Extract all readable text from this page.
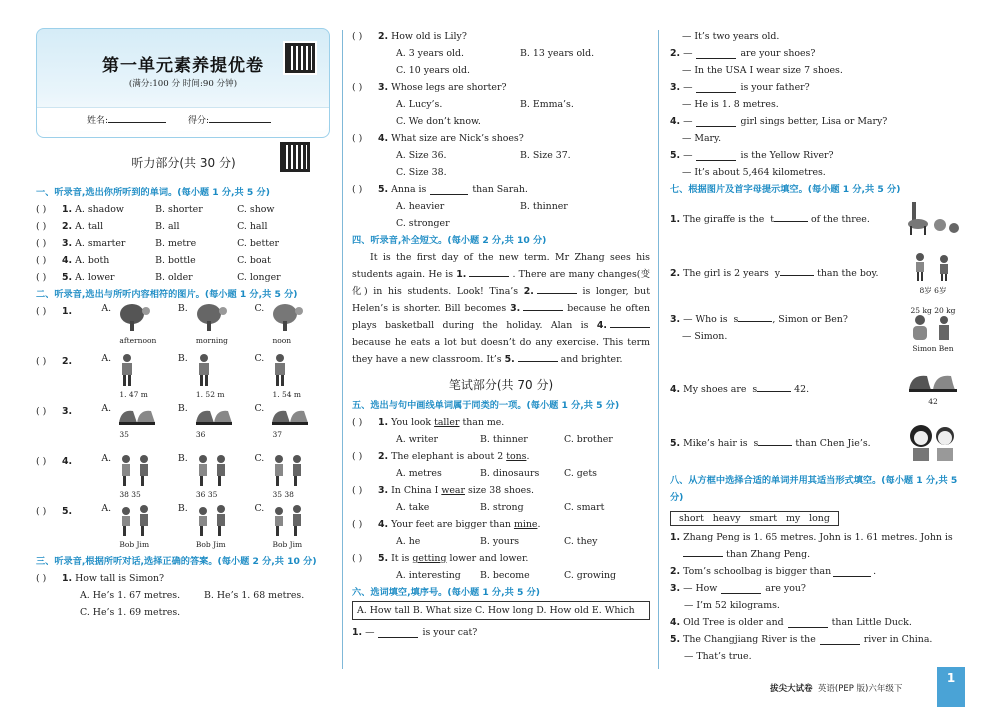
第一单元素养提优卷
(满分:100 分 时间:90 分钟)
姓名:	得分:
听力部分(共 30 分)
一、听录音,选出你所听到的单词。(每小题 1 分,共 5 分)
( )	1. A. shadow	B. shorter	C. show
( )	2. A. tall	B. all	C. hall
( )	3. A. smarter	B. metre	C. better
( )	4. A. both	B. bottle	C. boat
( )	5. A. lower	B. older	C. longer
二、听录音,选出与所听内容相符的图片。(每小题 1 分,共 5 分)
( )	1.	A.
afternoon
B.
morning
C.
noon
( )	2.	A.
1. 47 m
B.
1. 52 m
C.
1. 54 m
( )	3.	A.
35
B.
36
C.
37
( )	4.	A.
38 35
B.
36 35
C.
35 38
( )	5.	A.
Bob Jim
B.
Bob Jim
C.
Bob Jim
三、听录音,根据所听对话,选择正确的答案。(每小题 2 分,共 10 分)
( )	1. How tall is Simon?
A. He’s 1. 67 metres.	B. He’s 1. 68 metres.
C. He’s 1. 69 metres.
( )	2. How old is Lily?
A. 3 years old.	B. 13 years old.
C. 10 years old.
( )	3. Whose legs are shorter?
A. Lucy’s.	B. Emma’s.
C. We don’t know.
( )	4. What size are Nick’s shoes?
A. Size 36.	B. Size 37.
C. Size 38.
( )	5. Anna is	than Sarah.
A. heavier	B. thinner
C. stronger
四、听录音,补全短文。(每小题 2 分,共 10 分)
It is the first day of the new term. Mr Zhang sees his students again. He is 1.	. There are many changes(变化) in his students. Look! Tina’s 2.	is longer, but Helen’s is shorter. Bill becomes 3.	because he often plays basketball during the holiday. Alan is 4. because he eats a lot but doesn’t do any exercise. This term they have a new classroom. It’s 5.	and brighter.
笔试部分(共 70 分)
五、选出与句中画线单词属于同类的一项。(每小题 1 分,共 5 分)
( )	1. You look taller than me.
A. writer	B. thinner	C. brother
( )	2. The elephant is about 2 tons.
A. metres	B. dinosaurs	C. gets
( )	3. In China I wear size 38 shoes.
A. take	B. strong	C. smart
( )	4. Your feet are bigger than mine.
A. he	B. yours	C. they
( )	5. It is getting lower and lower.
A. interesting	B. become	C. growing
六、选词填空,填序号。(每小题 1 分,共 5 分)
A. How tall B. What size C. How long D. How old E. Which
1. —	is your cat?
— It’s two years old.
2. —	are your shoes?
— In the USA I wear size 7 shoes.
3. —	is your father?
— He is 1. 8 metres.
4. —	girl sings better, Lisa or Mary?
— Mary.
5. —	is the Yellow River?
— It’s about 5,464 kilometres.
七、根据图片及首字母提示填空。(每小题 1 分,共 5 分)
1. The giraffe is the  t	of the three.
2. The girl is 2 years  y	than the boy.
8岁 6岁
3. — Who is  s	, Simon or Ben?
— Simon.
25 kg 20 kg
Simon Ben
4. My shoes are  s	42.
42
5. Mike’s hair is  s	than Chen Jie’s.
八、从方框中选择合适的单词并用其适当形式填空。(每小题 1 分,共 5 分)
short heavy smart my long
1. Zhang Peng is 1. 65 metres. John is 1. 61 metres. John is  than Zhang Peng.
2. Tom’s schoolbag is bigger than	.
3. — How	are you?
— I’m 52 kilograms.
4. Old Tree is older and	than Little Duck.
5. The Changjiang River is the	river in China.
— That’s true.
拔尖大试卷 英语(PEP 版)六年级下
1
